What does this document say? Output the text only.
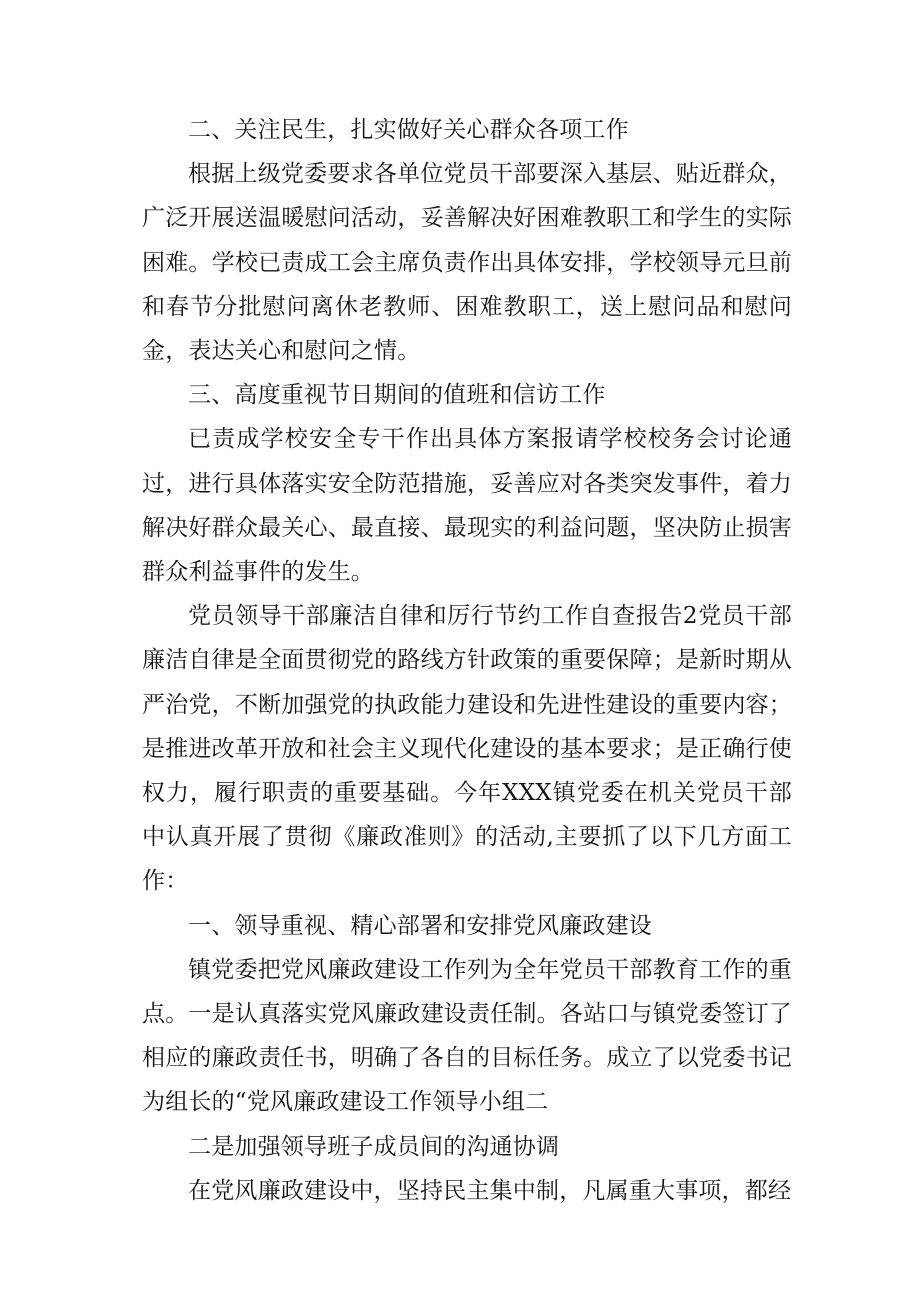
二、关注民生，扎实做好关心群众各项工作

根据上级党委要求各单位党员干部要深入基层、贴近群众，广泛开展送温暖慰问活动，妥善解决好困难教职工和学生的实际困难。学校已责成工会主席负责作出具体安排，学校领导元旦前和春节分批慰问离休老教师、困难教职工，送上慰问品和慰问金，表达关心和慰问之情。

三、高度重视节日期间的值班和信访工作

已责成学校安全专干作出具体方案报请学校校务会讨论通过，进行具体落实安全防范措施，妥善应对各类突发事件，着力解决好群众最关心、最直接、最现实的利益问题，坚决防止损害群众利益事件的发生。

党员领导干部廉洁自律和厉行节约工作自查报告2党员干部廉洁自律是全面贯彻党的路线方针政策的重要保障；是新时期从严治党，不断加强党的执政能力建设和先进性建设的重要内容；是推进改革开放和社会主义现代化建设的基本要求；是正确行使权力，履行职责的重要基础。今年XXX镇党委在机关党员干部中认真开展了贯彻《廉政准则》的活动,主要抓了以下几方面工作：

一、领导重视、精心部署和安排党风廉政建设

镇党委把党风廉政建设工作列为全年党员干部教育工作的重点。一是认真落实党风廉政建设责任制。各站口与镇党委签订了相应的廉政责任书，明确了各自的目标任务。成立了以党委书记为组长的“党风廉政建设工作领导小组二

二是加强领导班子成员间的沟通协调

在党风廉政建设中，坚持民主集中制，凡属重大事项，都经
